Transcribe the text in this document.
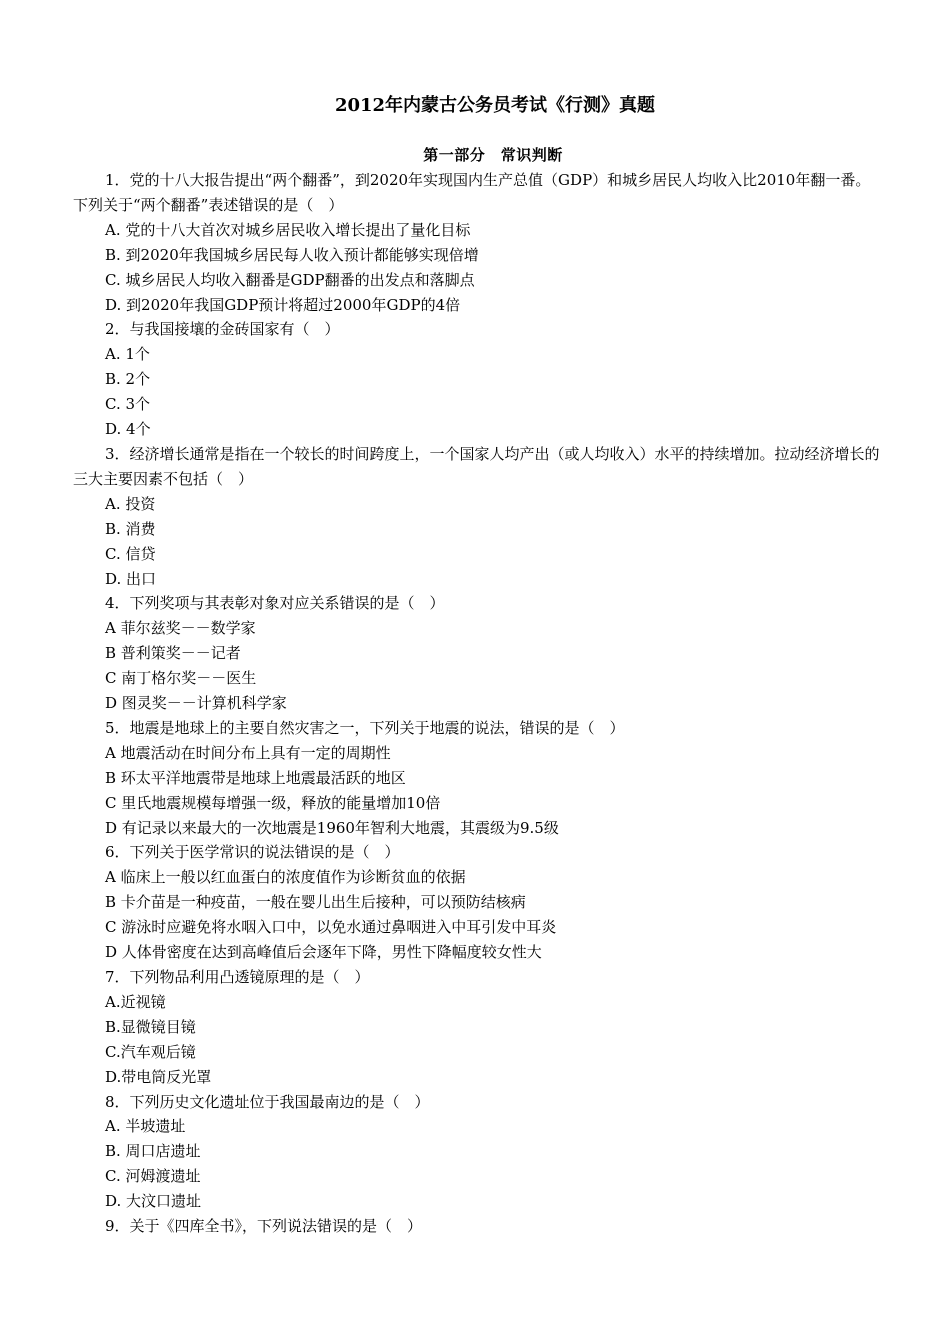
2012年内蒙古公务员考试《行测》真题
第一部分　常识判断
1．党的十八大报告提出“两个翻番”，到2020年实现国内生产总值（GDP）和城乡居民人均收入比2010年翻一番。下列关于“两个翻番”表述错误的是（　）
A. 党的十八大首次对城乡居民收入增长提出了量化目标
B. 到2020年我国城乡居民每人收入预计都能够实现倍增
C. 城乡居民人均收入翻番是GDP翻番的出发点和落脚点
D. 到2020年我国GDP预计将超过2000年GDP的4倍
2．与我国接壤的金砖国家有（　）
A. 1个
B. 2个
C. 3个
D. 4个
3．经济增长通常是指在一个较长的时间跨度上，一个国家人均产出（或人均收入）水平的持续增加。拉动经济增长的三大主要因素不包括（　）
A. 投资
B. 消费
C. 信贷
D. 出口
4．下列奖项与其表彰对象对应关系错误的是（　）
A 菲尔兹奖－－数学家
B 普利策奖－－记者
C 南丁格尔奖－－医生
D 图灵奖－－计算机科学家
5．地震是地球上的主要自然灾害之一，下列关于地震的说法，错误的是（　）
A 地震活动在时间分布上具有一定的周期性
B 环太平洋地震带是地球上地震最活跃的地区
C 里氏地震规模每增强一级，释放的能量增加10倍
D 有记录以来最大的一次地震是1960年智利大地震，其震级为9.5级
6．下列关于医学常识的说法错误的是（　）
A 临床上一般以红血蛋白的浓度值作为诊断贫血的依据
B 卡介苗是一种疫苗，一般在婴儿出生后接种，可以预防结核病
C 游泳时应避免将水咽入口中，以免水通过鼻咽进入中耳引发中耳炎
D 人体骨密度在达到高峰值后会逐年下降，男性下降幅度较女性大
7．下列物品利用凸透镜原理的是（　）
A.近视镜
B.显微镜目镜
C.汽车观后镜
D.带电筒反光罩
8．下列历史文化遗址位于我国最南边的是（　）
A. 半坡遗址
B. 周口店遗址
C. 河姆渡遗址
D. 大汶口遗址
9．关于《四库全书》，下列说法错误的是（　）
